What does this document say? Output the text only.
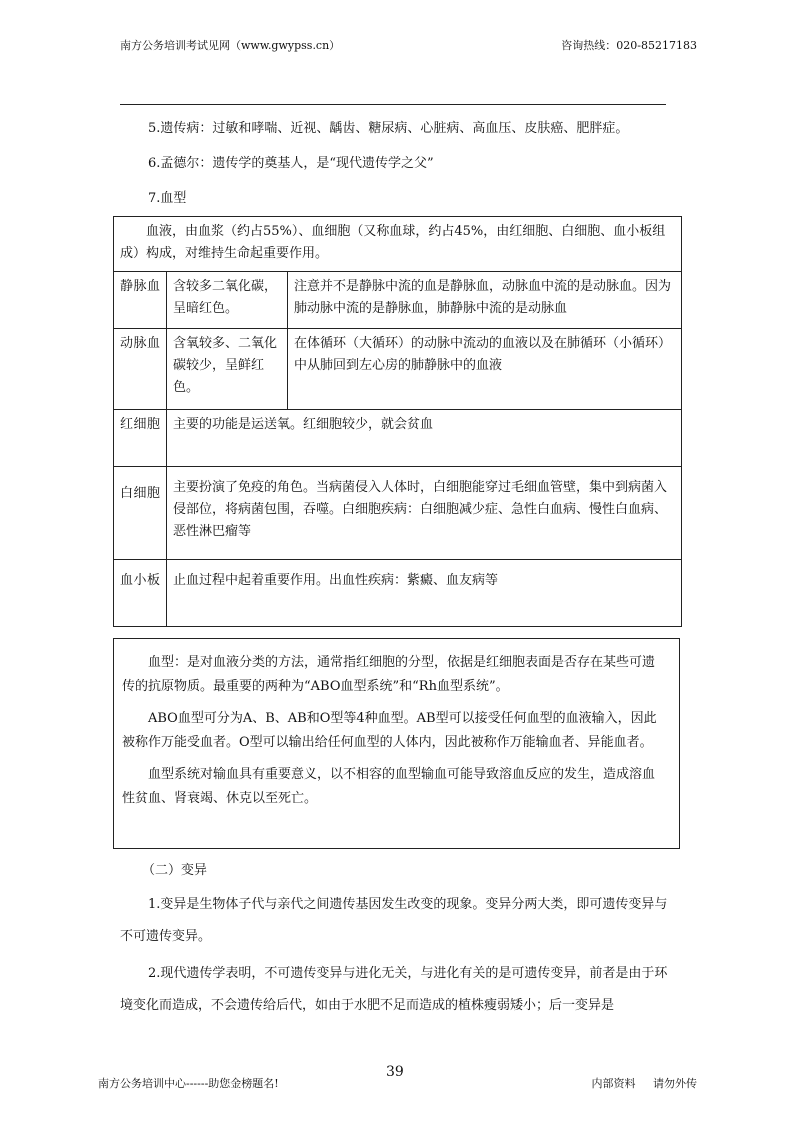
南方公务培训考试见网（www.gwypss.cn）	咨询热线：020-85217183
5.遗传病：过敏和哮喘、近视、龋齿、糖尿病、心脏病、高血压、皮肤癌、肥胖症。
6.孟德尔：遗传学的奠基人，是“现代遗传学之父”
7.血型
血液，由血浆（约占55%）、血细胞（又称血球，约占45%，由红细胞、白细胞、血小板组成）构成，对维持生命起重要作用。		
静脉血	含较多二氧化碳，呈暗红色。	注意并不是静脉中流的血是静脉血，动脉血中流的是动脉血。因为肺动脉中流的是静脉血，肺静脉中流的是动脉血
动脉血	含氧较多、二氧化碳较少，呈鲜红色。	在体循环（大循环）的动脉中流动的血液以及在肺循环（小循环）中从肺回到左心房的肺静脉中的血液
红细胞	主要的功能是运送氧。红细胞较少，就会贫血	
白细胞	主要扮演了免疫的角色。当病菌侵入人体时，白细胞能穿过毛细血管壁，集中到病菌入侵部位，将病菌包围，吞噬。白细胞疾病：白细胞减少症、急性白血病、慢性白血病、恶性淋巴瘤等	
血小板	止血过程中起着重要作用。出血性疾病：紫癜、血友病等	

血型：是对血液分类的方法，通常指红细胞的分型，依据是红细胞表面是否存在某些可遗传的抗原物质。最重要的两种为“ABO血型系统”和“Rh血型系统”。

ABO血型可分为A、B、AB和O型等4种血型。AB型可以接受任何血型的血液输入，因此被称作万能受血者。O型可以输出给任何血型的人体内，因此被称作万能输血者、异能血者。

血型系统对输血具有重要意义，以不相容的血型输血可能导致溶血反应的发生，造成溶血性贫血、肾衰竭、休克以至死亡。

（二）变异
1.变异是生物体子代与亲代之间遗传基因发生改变的现象。变异分两大类，即可遗传变异与不可遗传变异。
2.现代遗传学表明，不可遗传变异与进化无关，与进化有关的是可遗传变异，前者是由于环境变化而造成，不会遗传给后代，如由于水肥不足而造成的植株瘦弱矮小；后一变异是
39
南方公务培训中心------助您金榜题名!	内部资料 请勿外传
